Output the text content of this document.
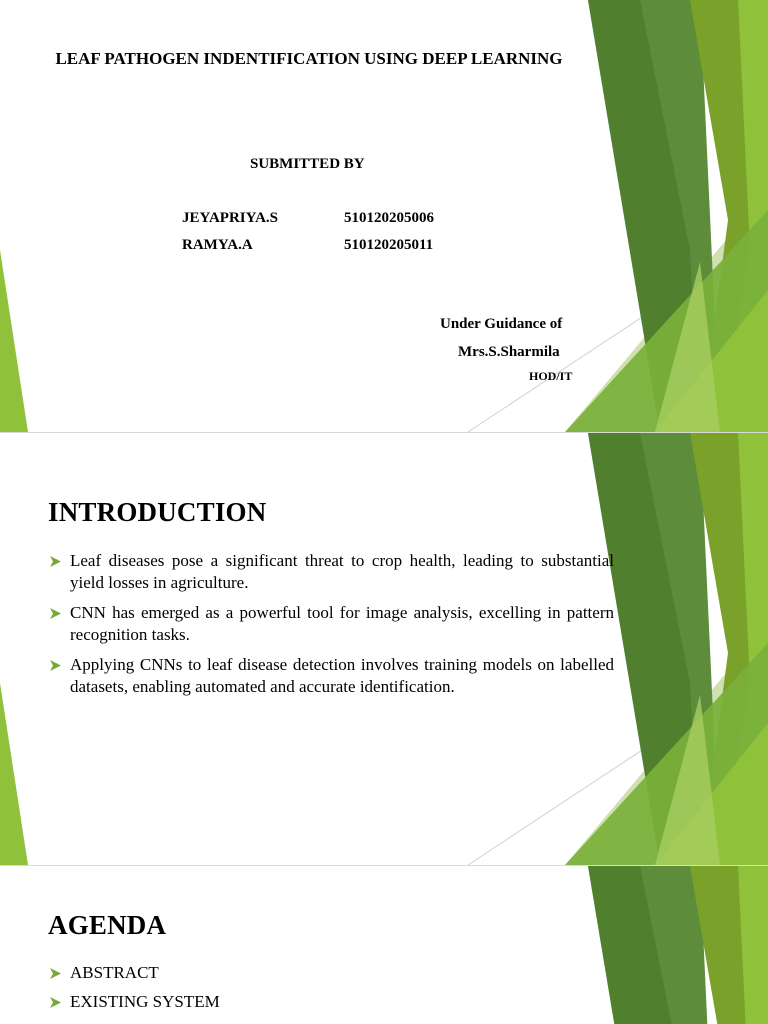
LEAF PATHOGEN INDENTIFICATION USING DEEP LEARNING

SUBMITTED BY

JEYAPRIYA.S	510120205006

RAMYA.A	510120205011

Under Guidance of

Mrs.S.Sharmila

HOD/IT

INTRODUCTION

Leaf diseases pose a significant threat to crop health, leading to substantial yield losses in agriculture.
CNN has emerged as a powerful tool for image analysis, excelling in pattern recognition tasks.
Applying CNNs to leaf disease detection involves training models on labelled datasets, enabling automated and accurate identification.

AGENDA

ABSTRACT
EXISTING SYSTEM
